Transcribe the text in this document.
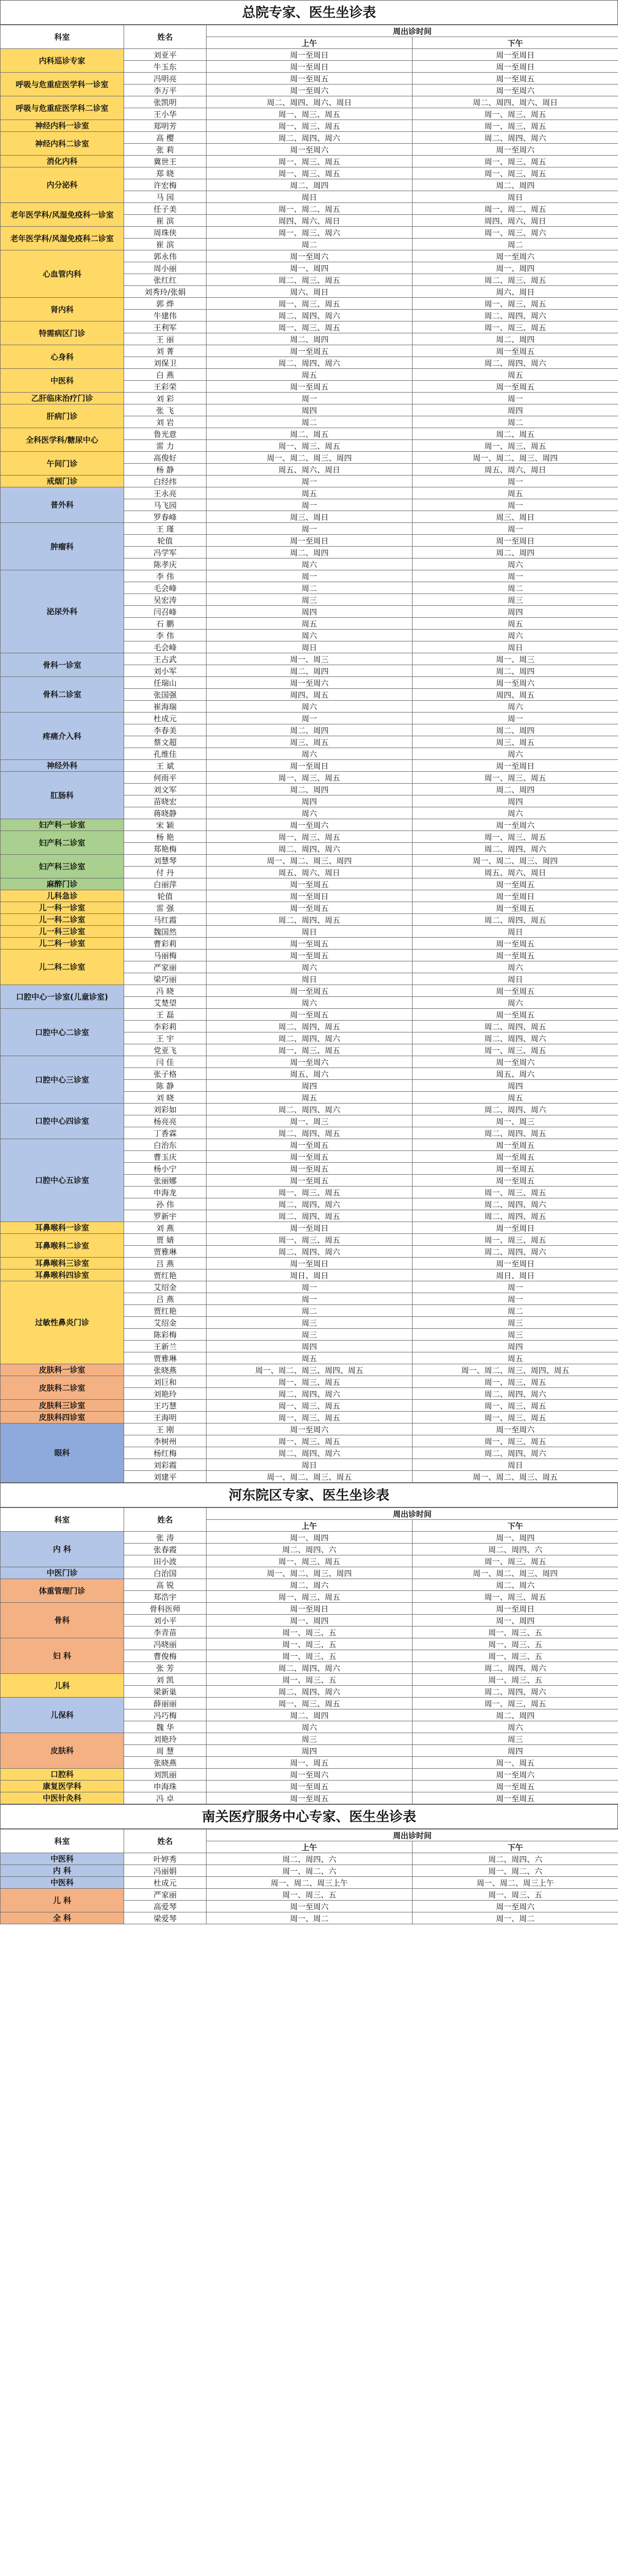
总院专家、医生坐诊表
科室	姓名	周出诊时间	
		上午	下午
内科巡诊专家	刘亚平	周一至周日	周一至周日
	牛玉东	周一至周日	周一至周日
呼吸与危重症医学科一诊室	冯明亮	周一至周五	周一至周五
	李万平	周一至周六	周一至周六
呼吸与危重症医学科二诊室	张凯明	周二、周四、周六、周日	周二、周四、周六、周日
	王小华	周一、周三、周五	周一、周三、周五
神经内科一诊室	郑明芳	周一、周三、周五	周一、周三、周五
神经内科二诊室	高 樱	周二、周四、周六	周二、周四、周六
	张 莉	周一至周六	周一至周六
消化内科	冀世王	周一、周三、周五	周一、周三、周五
内分泌科	郑 晓	周一、周三、周五	周一、周三、周五
	许宏梅	周二、周四	周二、周四
	马 园	周日	周日
老年医学科/风湿免疫科一诊室	任子美	周一、周二、周五	周一、周二、周五
	崔 滨	周四、周六、周日	周四、周六、周日
老年医学科/风湿免疫科二诊室	周珠侠	周一、周三、周六	周一、周三、周六
	崔 滨	周二	周二
心血管内科	郭永伟	周一至周六	周一至周六
	周小丽	周一、周四	周一、周四
	张红红	周二、周三、周五	周二、周三、周五
	刘秀玲/张娟	周六、周日	周六、周日
肾内科	郭 烨	周一、周三、周五	周一、周三、周五
	牛建伟	周二、周四、周六	周二、周四、周六
特需病区门诊	王利军	周一、周三、周五	周一、周三、周五
	王 丽	周二、周四	周二、周四
心身科	刘 菁	周一至周五	周一至周五
	刘保卫	周二、周四、周六	周二、周四、周六
中医科	白 燕	周五	周五
	王彩荣	周一至周五	周一至周五
乙肝临床治疗门诊	刘 彩	周一	周一
肝病门诊	张 飞	周四	周四
	刘 岩	周二	周二
全科医学科/糖尿中心	鲁光意	周二、周五	周二、周五
	雷 力	周一、周三、周五	周一、周三、周五
午间门诊	高俊好	周一、周二、周三、周四	周一、周二、周三、周四
	杨 静	周五、周六、周日	周五、周六、周日
戒烟门诊	白经纬	周一	周一
普外科	王永亮	周五	周五
	马飞园	周一	周一
	罗春峰	周三、周日	周三、周日
肿瘤科	王 瑾	周一	周一
	轮值	周一至周日	周一至周日
	冯学军	周二、周四	周二、周四
	陈孝庆	周六	周六
泌尿外科	李 伟	周一	周一
	毛会峰	周二	周二
	吴宏涛	周三	周三
	闫召峰	周四	周四
	石 鹏	周五	周五
	李 伟	周六	周六
	毛会峰	周日	周日
骨科一诊室	王占武	周一、周三	周一、周三
	刘小军	周二、周四	周二、周四
骨科二诊室	任瑞山	周一至周六	周一至周六
	张国强	周四、周五	周四、周五
	崔海瑞	周六	周六
疼痛介入科	杜成元	周一	周一
	李春美	周二、周四	周二、周四
	蔡文超	周三、周五	周三、周五
	孔维佳	周六	周六
神经外科	王 斌	周一至周日	周一至周日
肛肠科	何雨平	周一、周三、周五	周一、周三、周五
	刘文军	周二、周四	周二、周四
	苗晓宏	周四	周四
	蒋晓静	周六	周六
妇产科一诊室	宋 颖	周一至周六	周一至周六
妇产科二诊室	杨 艳	周一、周三、周五	周一、周三、周五
	郑艳梅	周二、周四、周六	周二、周四、周六
妇产科三诊室	刘慧琴	周一、周二、周三、周四	周一、周二、周三、周四
	付 丹	周五、周六、周日	周五、周六、周日
麻醉门诊	白丽萍	周一至周五	周一至周五
儿科急诊	轮值	周一至周日	周一至周日
儿一科一诊室	雷 强	周一至周五	周一至周五
儿一科二诊室	马红霞	周二、周四、周五	周二、周四、周五
儿一科三诊室	魏国然	周日	周日
儿二科一诊室	曹彩莉	周一至周五	周一至周五
儿二科二诊室	马丽梅	周一至周五	周一至周五
	严家丽	周六	周六
	梁巧丽	周日	周日
口腔中心一诊室(儿童诊室)	冯 晓	周一至周五	周一至周五
	艾楚望	周六	周六
口腔中心二诊室	王 磊	周一至周五	周一至周五
	李彩莉	周二、周四、周五	周二、周四、周五
	王 宇	周二、周四、周六	周二、周四、周六
	党亚飞	周一、周三、周五	周一、周三、周五
口腔中心三诊室	闫 佳	周一至周六	周一至周六
	张子格	周五、周六	周五、周六
	陈 静	周四	周四
	刘 晓	周五	周五
口腔中心四诊室	刘彩如	周二、周四、周六	周二、周四、周六
	杨亮亮	周一、周三	周一、周三
	丁香霖	周二、周四、周五	周二、周四、周五
口腔中心五诊室	白治东	周一至周五	周一至周五
	曹玉庆	周一至周五	周一至周五
	杨小宁	周一至周五	周一至周五
	张丽娜	周一至周五	周一至周五
	申海龙	周一、周三、周五	周一、周三、周五
	孙 伟	周二、周四、周六	周二、周四、周六
	罗新宇	周二、周四、周五	周二、周四、周五
耳鼻喉科一诊室	刘 燕	周一至周日	周一至周日
耳鼻喉科二诊室	贾 婧	周一、周三、周五	周一、周三、周五
	贾雅琳	周二、周四、周六	周二、周四、周六
耳鼻喉科三诊室	吕 燕	周一至周日	周一至周日
耳鼻喉科四诊室	贾红艳	周日、周日	周日、周日
过敏性鼻炎门诊	艾绍金	周一	周一
	吕 燕	周一	周一
	贾红艳	周二	周二
	艾绍金	周三	周三
	陈彩梅	周三	周三
	王新兰	周四	周四
	贾雅琳	周五	周五
皮肤科一诊室	张晓燕	周一、周二、周三、周四、周五	周一、周二、周三、周四、周五
皮肤科二诊室	刘巨和	周一、周三、周五	周一、周三、周五
	刘艳玲	周二、周四、周六	周二、周四、周六
皮肤科三诊室	王巧慧	周一、周三、周五	周一、周三、周五
皮肤科四诊室	王海明	周一、周三、周五	周一、周三、周五
眼科	王 刚	周一至周六	周一至周六
	李树州	周一、周三、周五	周一、周三、周五
	杨红梅	周二、周四、周六	周二、周四、周六
	刘彩霞	周日	周日
	刘建平	周一、周二、周三、周五	周一、周二、周三、周五
河东院区专家、医生坐诊表
科室	姓名	周出诊时间	
		上午	下午
内 科	张 涛	周一、周四	周一、周四
	张春霞	周二、周四、六	周二、周四、六
	田小波	周一、周三、周五	周一、周三、周五
中医门诊	白治国	周一、周二、周三、周四	周一、周二、周三、周四
体重管理门诊	高 锐	周二、周六	周二、周六
	郑浩宇	周一、周三、周五	周一、周三、周五
骨科	骨科医师	周一至周日	周一至周日
	刘小平	周一、周四	周一、周四
	李青苗	周一、周三、五	周一、周三、五
妇 科	冯晓丽	周一、周三、五	周一、周三、五
	曹俊梅	周一、周三、五	周一、周三、五
	张 芳	周二、周四、周六	周二、周四、周六
儿科	刘 凯	周一、周三、五	周一、周三、五
	梁新巢	周二、周四、周六	周二、周四、周六
儿保科	薛丽丽	周一、周三、周五	周一、周三、周五
	冯巧梅	周二、周四	周二、周四
	魏 华	周六	周六
皮肤科	刘艳玲	周三	周三
	周 慧	周四	周四
	张晓燕	周一、周五	周一、周五
口腔科	刘凯丽	周一至周六	周一至周六
康复医学科	申海珠	周一至周五	周一至周五
中医针灸科	冯 卓	周一至周五	周一至周五
南关医疗服务中心专家、医生坐诊表
科室	姓名	周出诊时间	
		上午	下午
中医科	叶婷秀	周二、周四、六	周二、周四、六
内 科	冯丽娟	周一、周二、六	周一、周二、六
中医科	杜成元	周一、周二、周三上午	周一、周二、周三上午
儿 科	严家丽	周一、周三、五	周一、周三、五
	高爱琴	周一至周六	周一至周六
全 科	梁爱琴	周一、周二	周一、周二
